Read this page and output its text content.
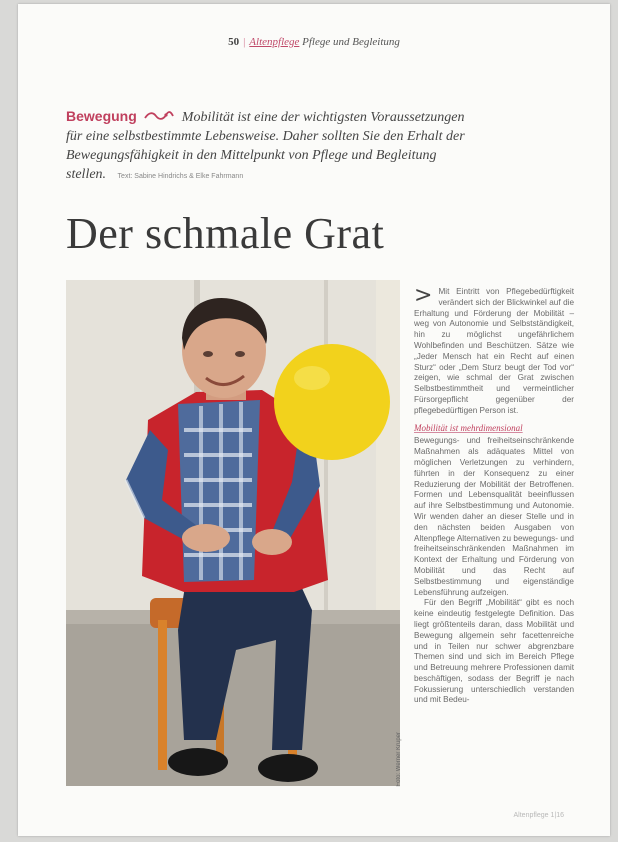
50 | Altenpflege Pflege und Begleitung
Bewegung	Mobilität ist eine der wichtigsten Voraussetzungen für eine selbstbestimmte Lebensweise. Daher sollten Sie den Erhalt der Bewegungsfähigkeit in den Mittelpunkt von Pflege und Begleitung stellen. Text: Sabine Hindrichs & Elke Fahrmann
Der schmale Grat
Foto: Werner Krüper

> Mit Eintritt von Pflegebedürftigkeit verändert sich der Blickwinkel auf die Erhaltung und Förderung der Mobilität – weg von Autonomie und Selbstständigkeit, hin zu möglichst ungefährlichem Wohlbefinden und Beschützen. Sätze wie „Jeder Mensch hat ein Recht auf einen Sturz“ oder „Dem Sturz beugt der Tod vor“ zeigen, wie schmal der Grat zwischen Selbstbestimmtheit und vermeintlicher Fürsorgepflicht gegenüber der pflegebedürftigen Person ist.

Mobilität ist mehrdimensional

Bewegungs- und freiheitseinschränkende Maßnahmen als adäquates Mittel von möglichen Verletzungen zu verhindern, führten in der Konsequenz zu einer Reduzierung der Mobilität der Betroffenen. Formen und Lebensqualität beeinflussen auf ihre Selbstbestimmung und Autonomie. Wir wenden daher an dieser Stelle und in den nächsten beiden Ausgaben von Altenpflege Alternativen zu bewegungs- und freiheitseinschränkenden Maßnahmen im Kontext der Erhaltung und Förderung von Mobilität und das Recht auf Selbstbestimmung und eigenständige Lebensführung aufzeigen.

Für den Begriff „Mobilität“ gibt es noch keine eindeutig festgelegte Definition. Das liegt größtenteils daran, dass Mobilität und Bewegung allgemein sehr facettenreiche und in Teilen nur schwer abgrenzbare Themen sind und sich im Bereich Pflege und Betreuung mehrere Professionen damit beschäftigen, sodass der Begriff je nach Fokussierung unterschiedlich verstanden und mit Bedeu-

Altenpflege 1|16
